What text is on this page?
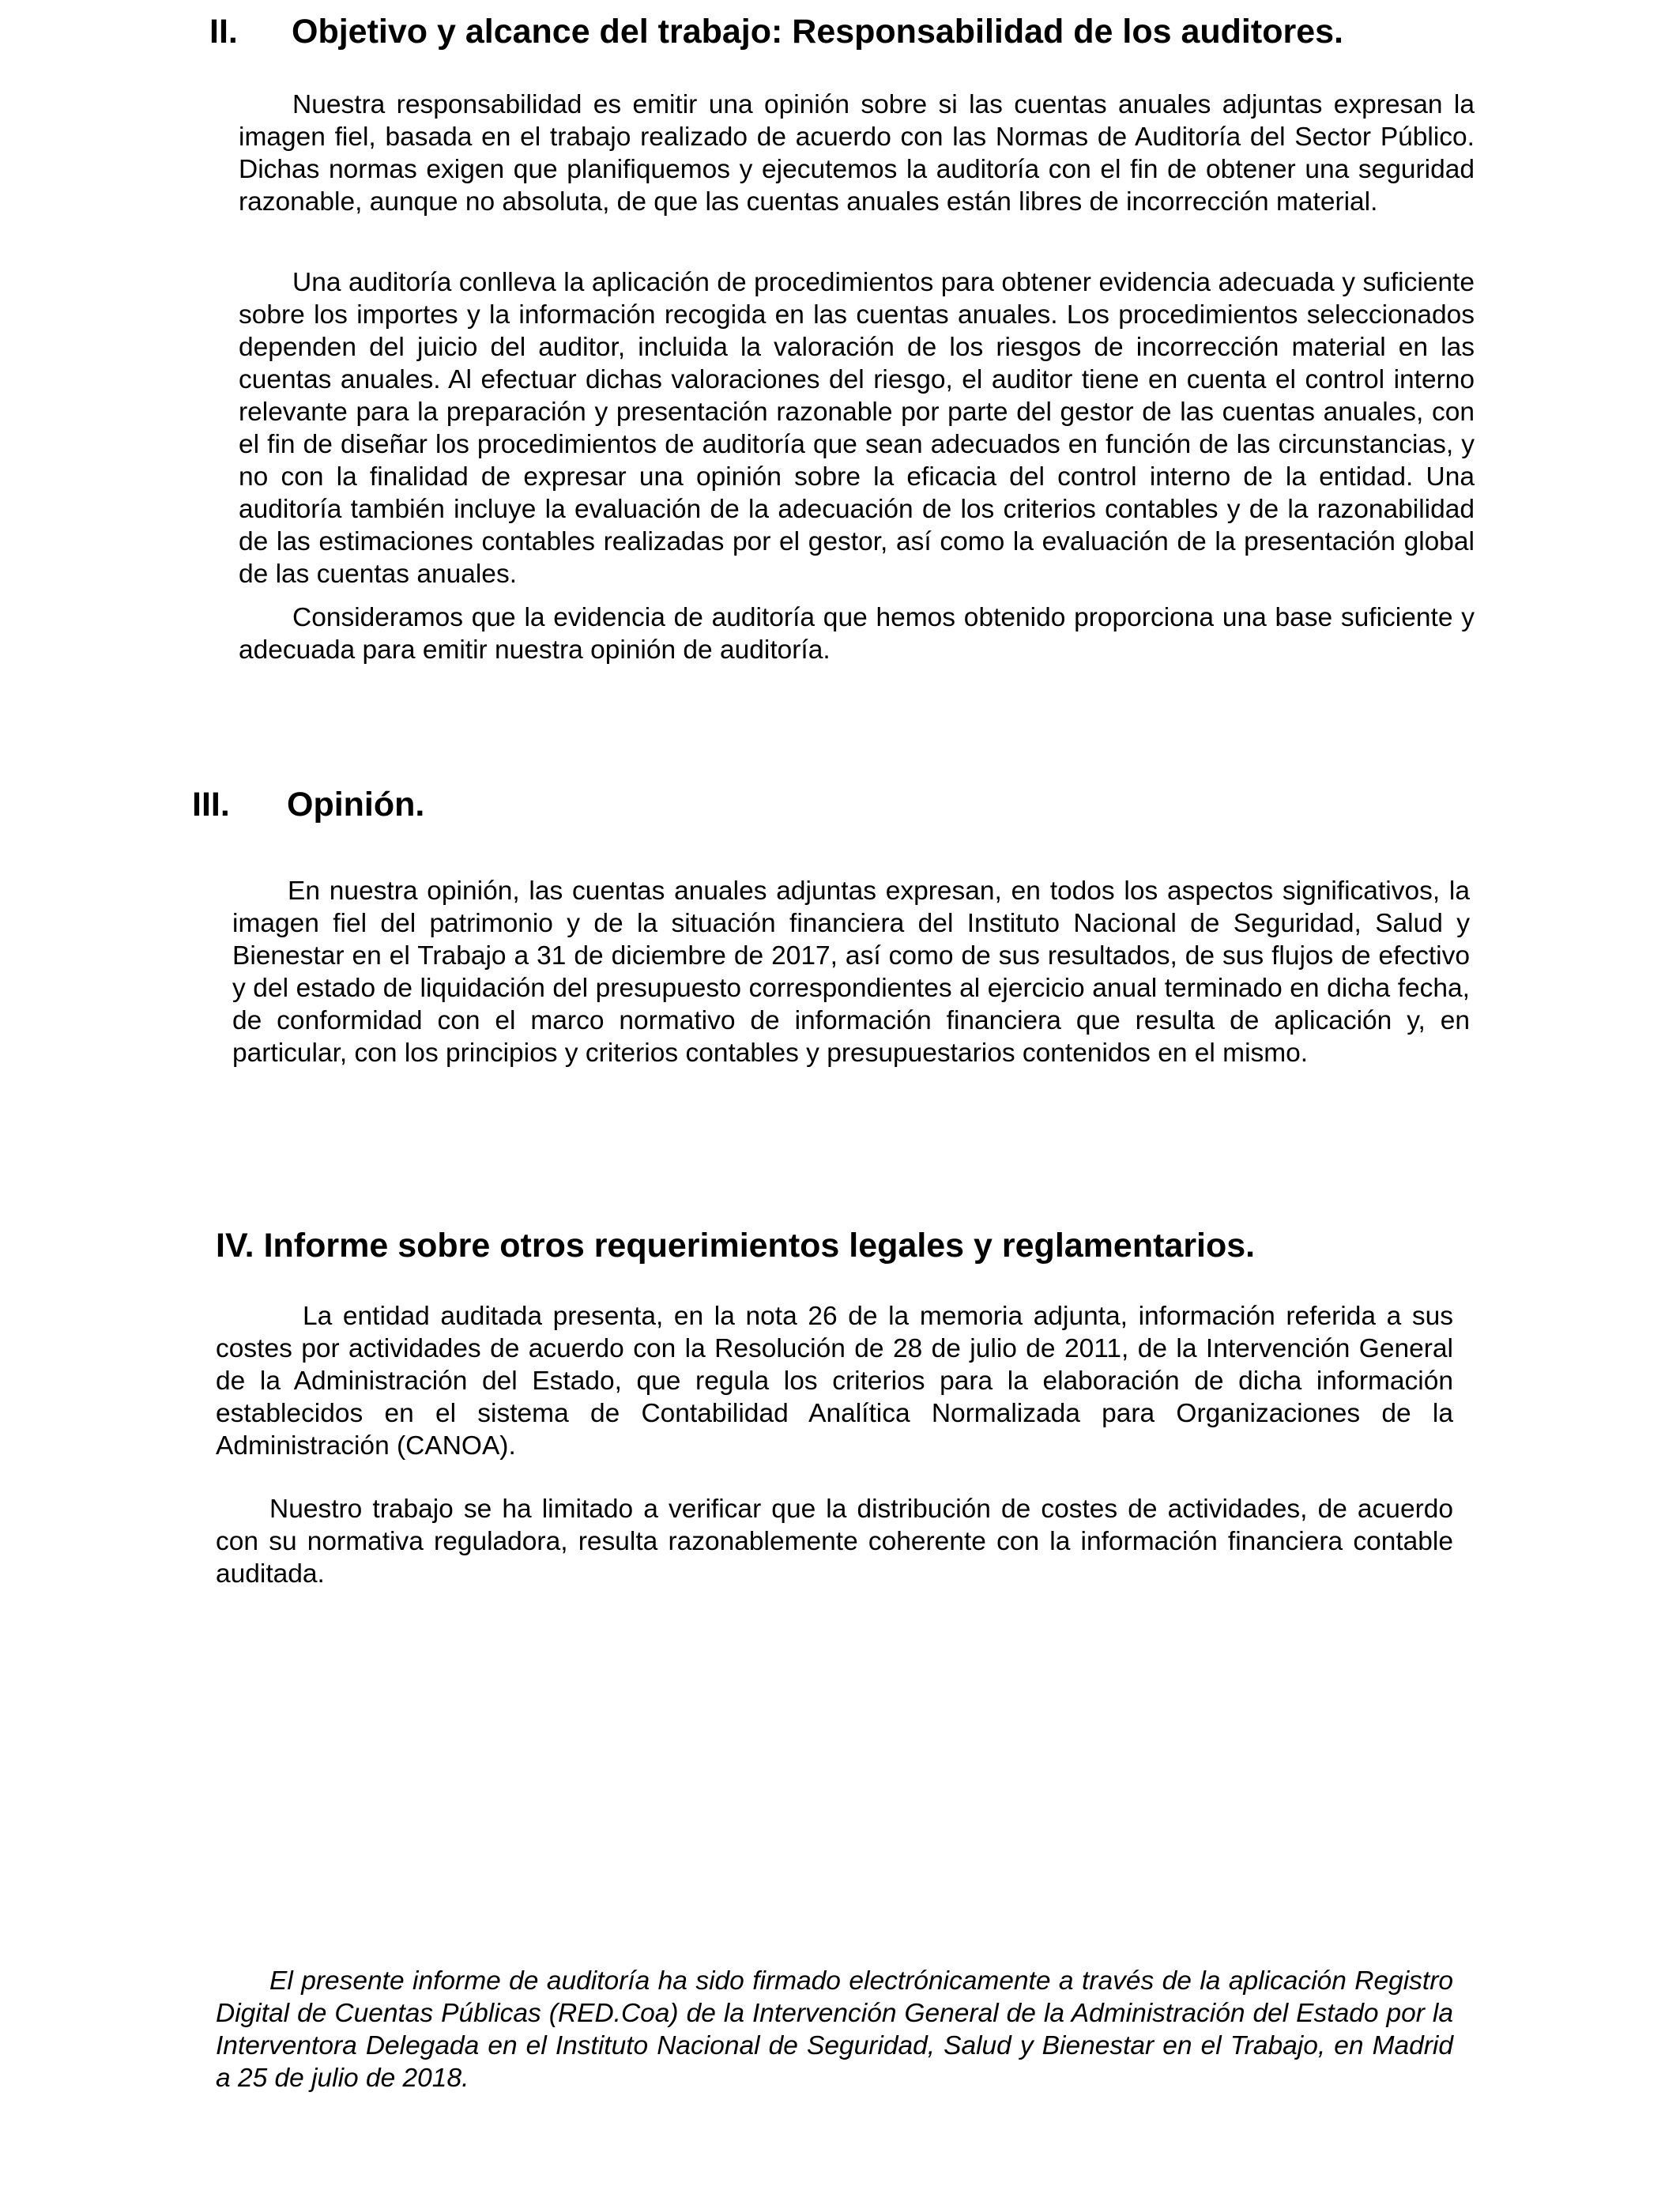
II. Objetivo y alcance del trabajo: Responsabilidad de los auditores.

Nuestra responsabilidad es emitir una opinión sobre si las cuentas anuales adjuntas expresan la imagen fiel, basada en el trabajo realizado de acuerdo con las Normas de Auditoría del Sector Público. Dichas normas exigen que planifiquemos y ejecutemos la auditoría con el fin de obtener una seguridad razonable, aunque no absoluta, de que las cuentas anuales están libres de incorrección material.

Una auditoría conlleva la aplicación de procedimientos para obtener evidencia adecuada y suficiente sobre los importes y la información recogida en las cuentas anuales. Los procedimientos seleccionados dependen del juicio del auditor, incluida la valoración de los riesgos de incorrección material en las cuentas anuales. Al efectuar dichas valoraciones del riesgo, el auditor tiene en cuenta el control interno relevante para la preparación y presentación razonable por parte del gestor de las cuentas anuales, con el fin de diseñar los procedimientos de auditoría que sean adecuados en función de las circunstancias, y no con la finalidad de expresar una opinión sobre la eficacia del control interno de la entidad. Una auditoría también incluye la evaluación de la adecuación de los criterios contables y de la razonabilidad de las estimaciones contables realizadas por el gestor, así como la evaluación de la presentación global de las cuentas anuales.

Consideramos que la evidencia de auditoría que hemos obtenido proporciona una base suficiente y adecuada para emitir nuestra opinión de auditoría.

III. Opinión.

En nuestra opinión, las cuentas anuales adjuntas expresan, en todos los aspectos significativos, la imagen fiel del patrimonio y de la situación financiera del Instituto Nacional de Seguridad, Salud y Bienestar en el Trabajo a 31 de diciembre de 2017, así como de sus resultados, de sus flujos de efectivo y del estado de liquidación del presupuesto correspondientes al ejercicio anual terminado en dicha fecha, de conformidad con el marco normativo de información financiera que resulta de aplicación y, en particular, con los principios y criterios contables y presupuestarios contenidos en el mismo.

IV. Informe sobre otros requerimientos legales y reglamentarios.

La entidad auditada presenta, en la nota 26 de la memoria adjunta, información referida a sus costes por actividades de acuerdo con la Resolución de 28 de julio de 2011, de la Intervención General de la Administración del Estado, que regula los criterios para la elaboración de dicha información establecidos en el sistema de Contabilidad Analítica Normalizada para Organizaciones de la Administración (CANOA).

Nuestro trabajo se ha limitado a verificar que la distribución de costes de actividades, de acuerdo con su normativa reguladora, resulta razonablemente coherente con la información financiera contable auditada.

El presente informe de auditoría ha sido firmado electrónicamente a través de la aplicación Registro Digital de Cuentas Públicas (RED.Coa) de la Intervención General de la Administración del Estado por la Interventora Delegada en el Instituto Nacional de Seguridad, Salud y Bienestar en el Trabajo, en Madrid a 25 de julio de 2018.
